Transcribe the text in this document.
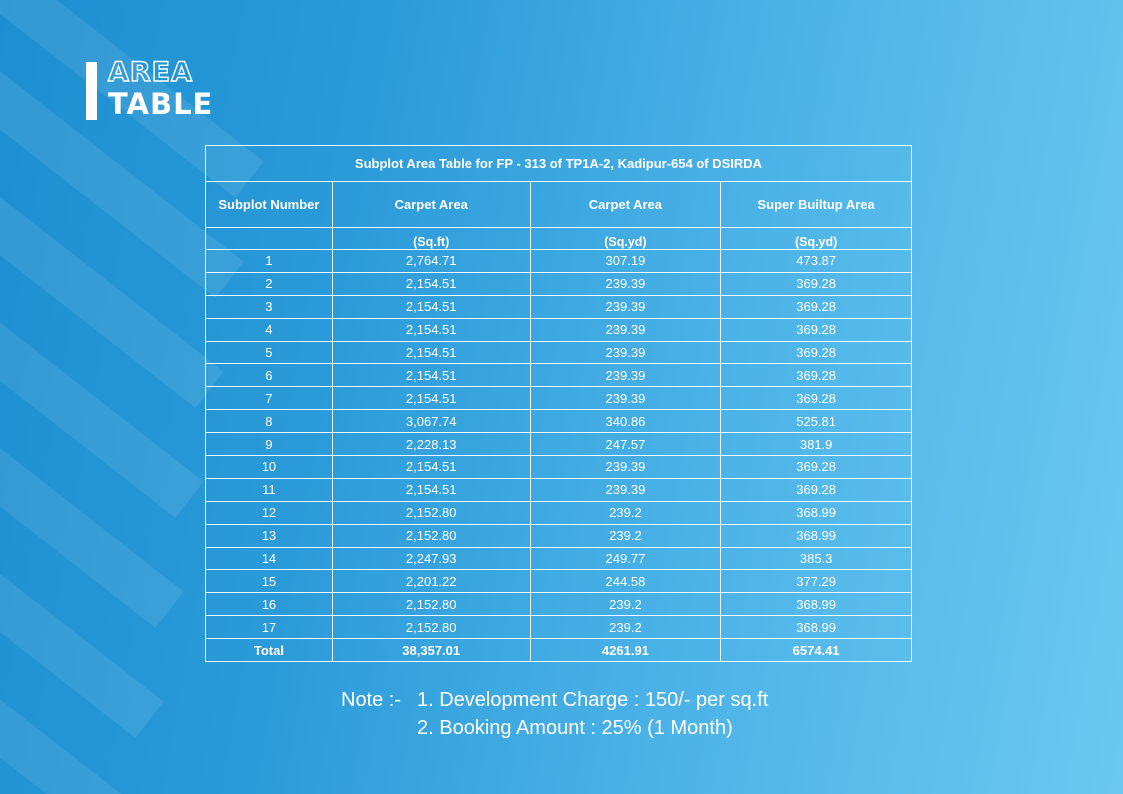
AREA
TABLE
Subplot Area Table for FP - 313 of TP1A-2, Kadipur-654 of DSIRDA			
Subplot Number	Carpet Area	Carpet Area	Super Builtup Area
	(Sq.ft)	(Sq.yd)	(Sq.yd)
1	2,764.71	307.19	473.87
2	2,154.51	239.39	369.28
3	2,154.51	239.39	369.28
4	2,154.51	239.39	369.28
5	2,154.51	239.39	369.28
6	2,154.51	239.39	369.28
7	2,154.51	239.39	369.28
8	3,067.74	340.86	525.81
9	2,228.13	247.57	381.9
10	2,154.51	239.39	369.28
11	2,154.51	239.39	369.28
12	2,152.80	239.2	368.99
13	2,152.80	239.2	368.99
14	2,247.93	249.77	385.3
15	2,201.22	244.58	377.29
16	2,152.80	239.2	368.99
17	2,152.80	239.2	368.99
Total	38,357.01	4261.91	6574.41
Note :- 1. Development Charge : 150/- per sq.ft
2. Booking Amount : 25% (1 Month)
